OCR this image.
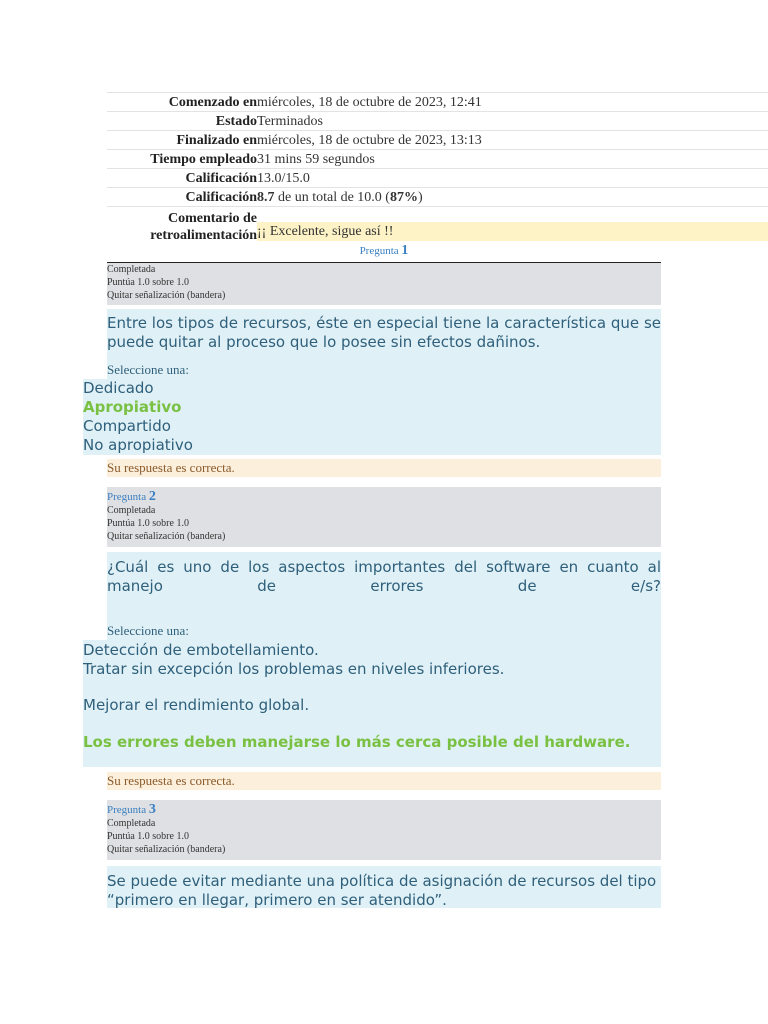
Comenzado en miércoles, 18 de octubre de 2023, 12:41
Estado Terminados
Finalizado en miércoles, 18 de octubre de 2023, 13:13
Tiempo empleado 31 mins 59 segundos
Calificación 13.0/15.0
Calificación 8.7 de un total de 10.0 (87%)
Comentario de
retroalimentación ¡¡ Excelente, sigue así !!
Pregunta 1
Completada
Puntúa 1.0 sobre 1.0
Quitar señalización (bandera)
Entre los tipos de recursos, éste en especial tiene la característica que se puede quitar al proceso que lo posee sin efectos dañinos.
Seleccione una:
Dedicado
Apropiativo
Compartido
No apropiativo
Su respuesta es correcta.
Pregunta 2
Completada
Puntúa 1.0 sobre 1.0
Quitar señalización (bandera)
¿Cuál es uno de los aspectos importantes del software en cuanto al manejo de errores de e/s?
Seleccione una:
Detección de embotellamiento.
Tratar sin excepción los problemas en niveles inferiores.
Mejorar el rendimiento global.
Los errores deben manejarse lo más cerca posible del hardware.
Su respuesta es correcta.
Pregunta 3
Completada
Puntúa 1.0 sobre 1.0
Quitar señalización (bandera)
Se puede evitar mediante una política de asignación de recursos del tipo “primero en llegar, primero en ser atendido”.
